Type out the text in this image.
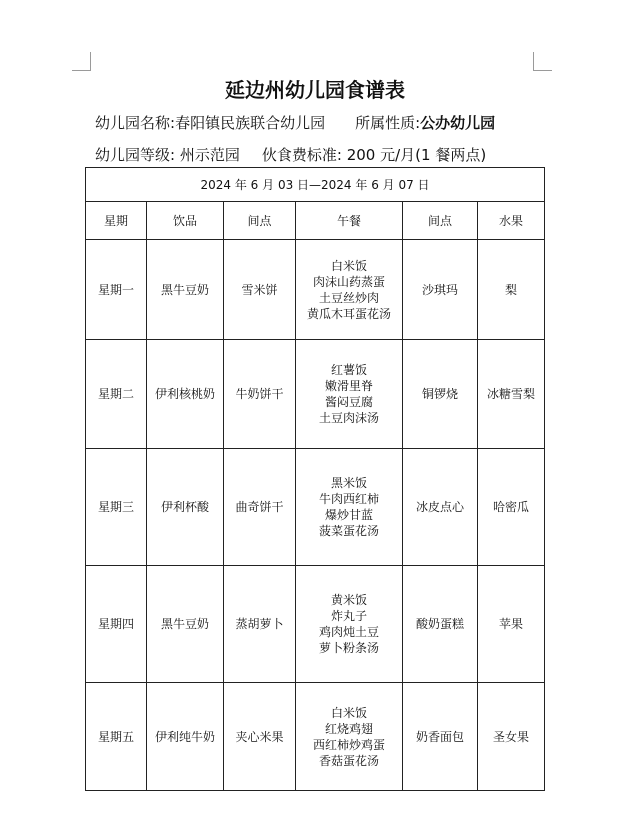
延边州幼儿园食谱表
幼儿园名称:春阳镇民族联合幼儿园 所属性质:公办幼儿园
幼儿园等级: 州示范园 伙食费标准: 200 元/月(1 餐两点)
2024 年 6 月 03 日—2024 年 6 月 07 日					
星期	饮品	间点	午餐	间点	水果
星期一	黑牛豆奶	雪米饼	白米饭
肉沫山药蒸蛋
土豆丝炒肉
黄瓜木耳蛋花汤	沙琪玛	梨
星期二	伊利核桃奶	牛奶饼干	红薯饭
嫩滑里脊
酱闷豆腐
土豆肉沫汤	铜锣烧	冰糖雪梨
星期三	伊利杯酸	曲奇饼干	黑米饭
牛肉西红柿
爆炒甘蓝
菠菜蛋花汤	冰皮点心	哈密瓜
星期四	黑牛豆奶	蒸胡萝卜	黄米饭
炸丸子
鸡肉炖土豆
萝卜粉条汤	酸奶蛋糕	苹果
星期五	伊利纯牛奶	夹心米果	白米饭
红烧鸡翅
西红柿炒鸡蛋
香菇蛋花汤	奶香面包	圣女果
